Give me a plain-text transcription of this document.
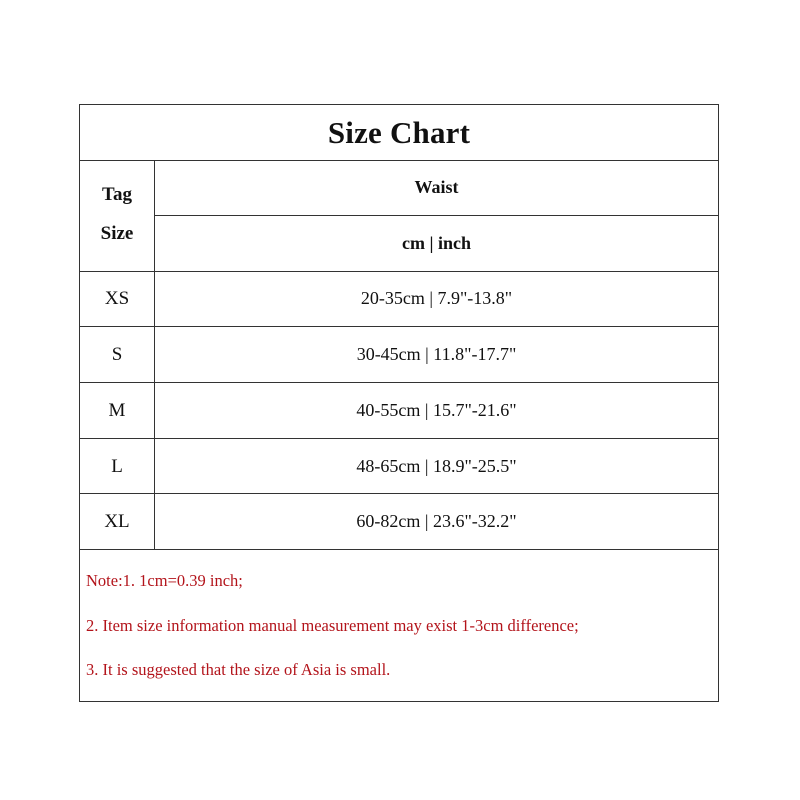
Size Chart
Tag
Size
XS
S
M
L
XL
Waist
cm | inch
20-35cm | 7.9"-13.8"
30-45cm | 11.8"-17.7"
40-55cm | 15.7"-21.6"
48-65cm | 18.9"-25.5"
60-82cm | 23.6"-32.2"
Note:1. 1cm=0.39 inch;
2. Item size information manual measurement may exist 1-3cm difference;
3. It is suggested that the size of Asia is small.
